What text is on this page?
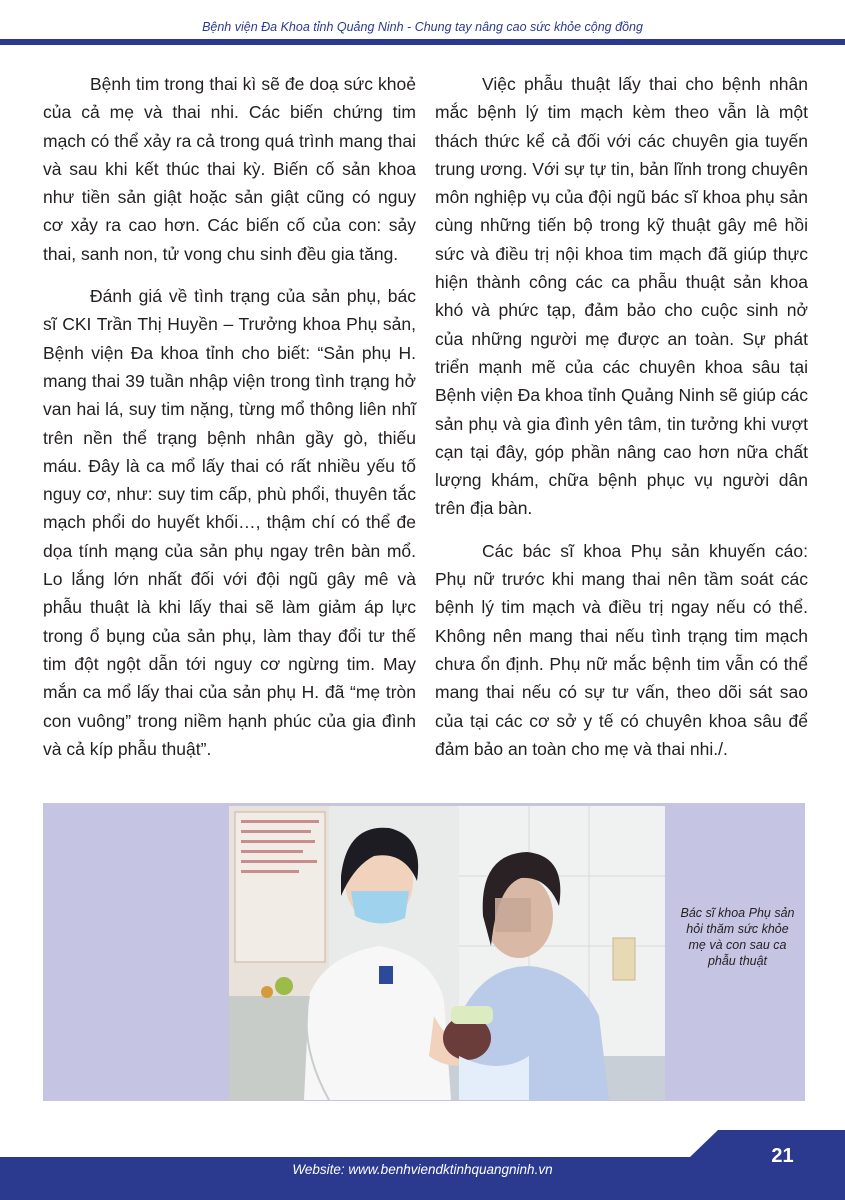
Bệnh viện Đa Khoa tỉnh Quảng Ninh - Chung tay nâng cao sức khỏe cộng đồng

Bệnh tim trong thai kì sẽ đe doạ sức khoẻ của cả mẹ và thai nhi. Các biến chứng tim mạch có thể xảy ra cả trong quá trình mang thai và sau khi kết thúc thai kỳ. Biến cố sản khoa như tiền sản giật hoặc sản giật cũng có nguy cơ xảy ra cao hơn. Các biến cố của con: sảy thai, sanh non, tử vong chu sinh đều gia tăng.

Đánh giá về tình trạng của sản phụ, bác sĩ CKI Trần Thị Huyền – Trưởng khoa Phụ sản, Bệnh viện Đa khoa tỉnh cho biết: “Sản phụ H. mang thai 39 tuần nhập viện trong tình trạng hở van hai lá, suy tim nặng, từng mổ thông liên nhĩ trên nền thể trạng bệnh nhân gầy gò, thiếu máu. Đây là ca mổ lấy thai có rất nhiều yếu tố nguy cơ, như: suy tim cấp, phù phổi, thuyên tắc mạch phổi do huyết khối…, thậm chí có thể đe dọa tính mạng của sản phụ ngay trên bàn mổ. Lo lắng lớn nhất đối với đội ngũ gây mê và phẫu thuật là khi lấy thai sẽ làm giảm áp lực trong ổ bụng của sản phụ, làm thay đổi tư thế tim đột ngột dẫn tới nguy cơ ngừng tim. May mắn ca mổ lấy thai của sản phụ H. đã “mẹ tròn con vuông” trong niềm hạnh phúc của gia đình và cả kíp phẫu thuật”.

Việc phẫu thuật lấy thai cho bệnh nhân mắc bệnh lý tim mạch kèm theo vẫn là một thách thức kể cả đối với các chuyên gia tuyến trung ương. Với sự tự tin, bản lĩnh trong chuyên môn nghiệp vụ của đội ngũ bác sĩ khoa phụ sản cùng những tiến bộ trong kỹ thuật gây mê hồi sức và điều trị nội khoa tim mạch đã giúp thực hiện thành công các ca phẫu thuật sản khoa khó và phức tạp, đảm bảo cho cuộc sinh nở của những người mẹ được an toàn. Sự phát triển mạnh mẽ của các chuyên khoa sâu tại Bệnh viện Đa khoa tỉnh Quảng Ninh sẽ giúp các sản phụ và gia đình yên tâm, tin tưởng khi vượt cạn tại đây, góp phần nâng cao hơn nữa chất lượng khám, chữa bệnh phục vụ người dân trên địa bàn.

Các bác sĩ khoa Phụ sản khuyến cáo: Phụ nữ trước khi mang thai nên tầm soát các bệnh lý tim mạch và điều trị ngay nếu có thể. Không nên mang thai nếu tình trạng tim mạch chưa ổn định. Phụ nữ mắc bệnh tim vẫn có thể mang thai nếu có sự tư vấn, theo dõi sát sao của tại các cơ sở y tế có chuyên khoa sâu để đảm bảo an toàn cho mẹ và thai nhi./.

Bác sĩ khoa Phụ sản hỏi thăm sức khỏe mẹ và con sau ca phẫu thuật
Website: www.benhviendktinhquangninh.vn
21
